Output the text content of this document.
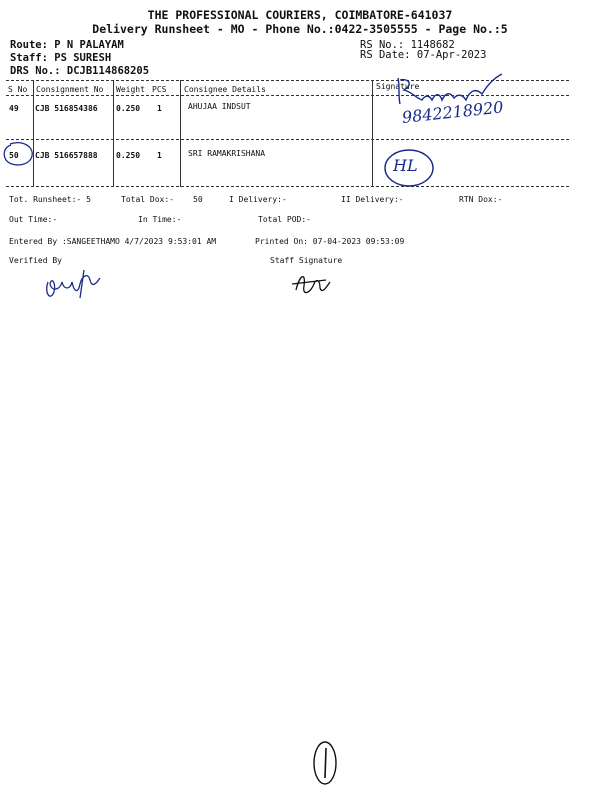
THE PROFESSIONAL COURIERS, COIMBATORE-641037
Delivery Runsheet - MO - Phone No.:0422-3505555 - Page No.:5
Route: P N PALAYAM
Staff: PS SURESH
DRS No.: DCJB114868205
RS No.: 1148682
RS Date: 07-Apr-2023
S No Consignment No Weight PCS Consignee Details	Signature
49 CJB 516854386 0.250 1	AHUJAA INDSUT
50 CJB 516657888 0.250 1	SRI RAMAKRISHANA
9842218920
HL
Tot. Runsheet:- 5	Total Dox:- 50	I Delivery:-	II Delivery:-	RTN Dox:-
Out Time:-	In Time:-	Total POD:-
Entered By :SANGEETHAMO 4/7/2023 9:53:01 AM	Printed On: 07-04-2023 09:53:09
Verified By	Staff Signature
